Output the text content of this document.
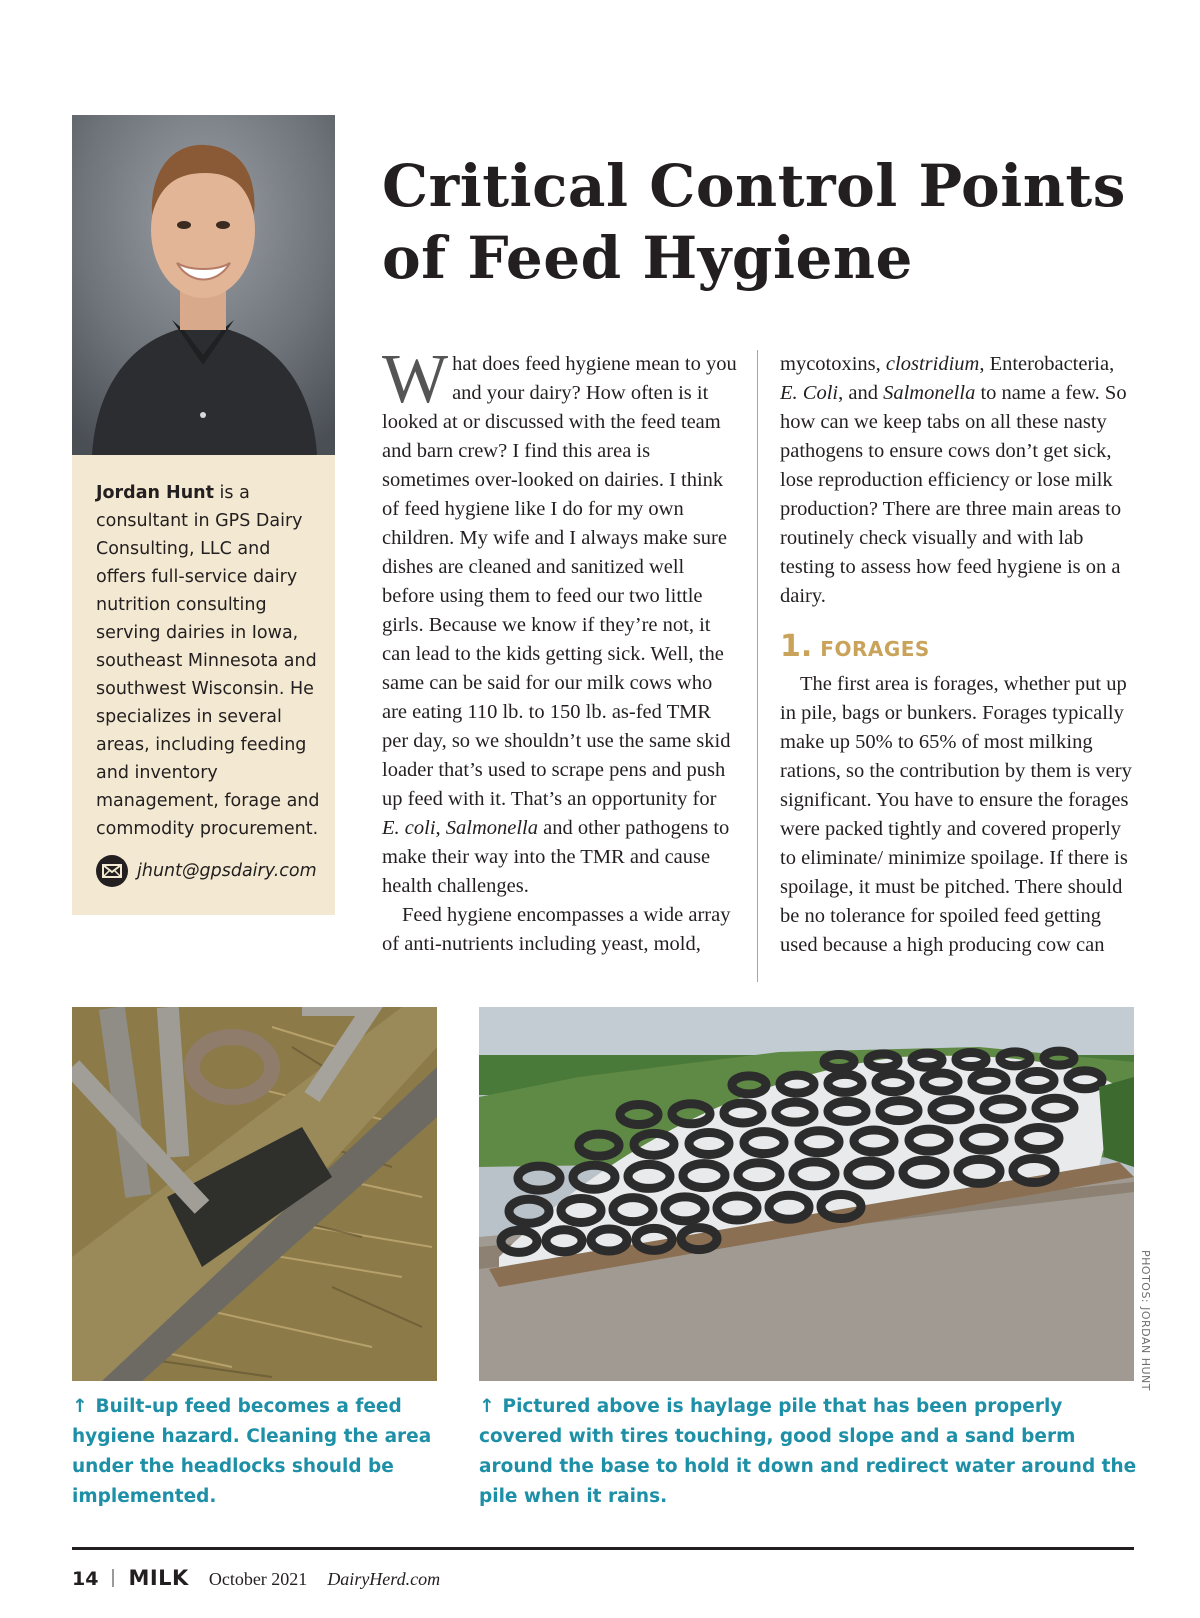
Jordan Hunt is a consultant in GPS Dairy Consulting, LLC and offers full-service dairy nutrition consulting serving dairies in Iowa, southeast Minnesota and southwest Wisconsin. He specializes in several areas, including feeding and inventory management, forage and commodity procurement.

jhunt@gpsdairy.com
Critical Control Points
of Feed Hygiene

What does feed hygiene mean to you and your dairy? How often is it looked at or discussed with the feed team and barn crew? I find this area is sometimes over-looked on dairies. I think of feed hygiene like I do for my own children. My wife and I always make sure dishes are cleaned and sanitized well before using them to feed our two little girls. Because we know if they’re not, it can lead to the kids getting sick. Well, the same can be said for our milk cows who are eating 110 lb. to 150 lb. as-fed TMR per day, so we shouldn’t use the same skid loader that’s used to scrape pens and push up feed with it. That’s an opportunity for E. coli, Salmonella and other pathogens to make their way into the TMR and cause health challenges.

Feed hygiene encompasses a wide array of anti-nutrients including yeast, mold,

mycotoxins, clostridium, Enterobacteria, E. Coli, and Salmonella to name a few. So how can we keep tabs on all these nasty pathogens to ensure cows don’t get sick, lose reproduction efficiency or lose milk production? There are three main areas to routinely check visually and with lab testing to assess how feed hygiene is on a dairy.

1. FORAGES

The first area is forages, whether put up in pile, bags or bunkers. Forages typically make up 50% to 65% of most milking rations, so the contribution by them is very significant. You have to ensure the forages were packed tightly and covered properly to eliminate/ minimize spoilage. If there is spoilage, it must be pitched. There should be no tolerance for spoiled feed getting used because a high producing cow can

PHOTOS: JORDAN HUNT

↑ Built-up feed becomes a feed hygiene hazard. Cleaning the area under the headlocks should be implemented.

↑ Pictured above is haylage pile that has been properly covered with tires touching, good slope and a sand berm around the base to hold it down and redirect water around the pile when it rains.

14 MILK October 2021 DairyHerd.com
